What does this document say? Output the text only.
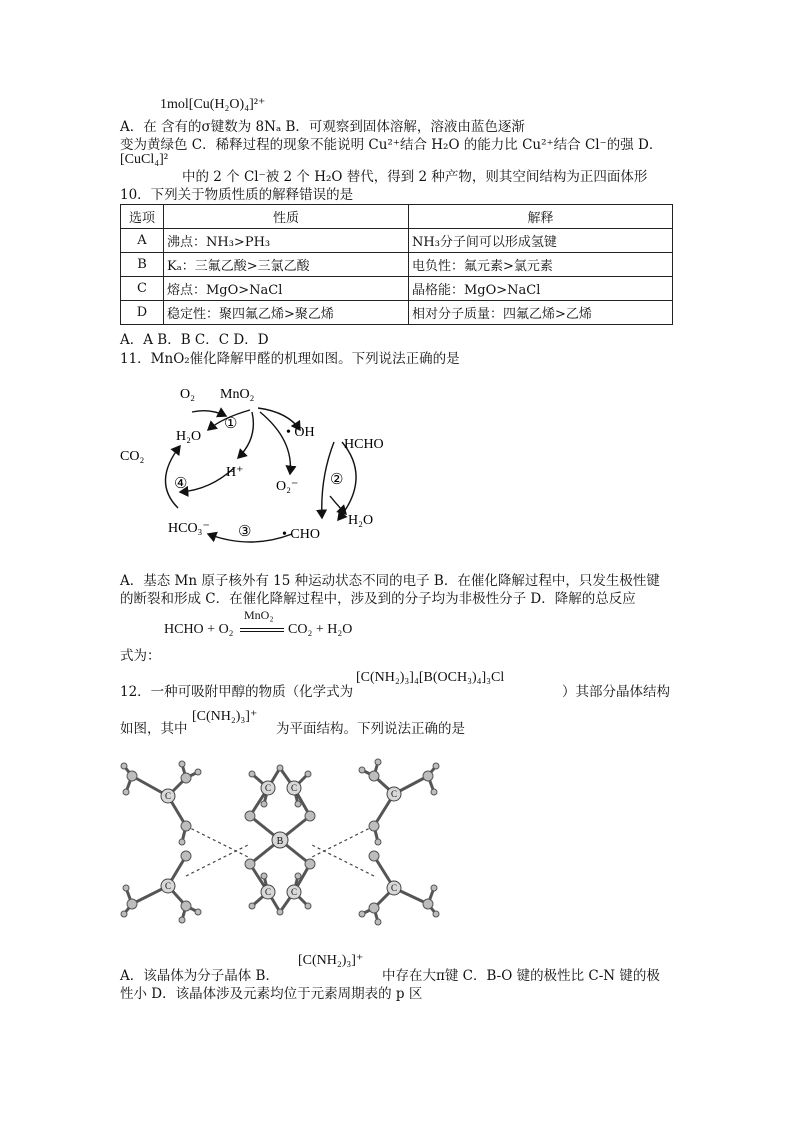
1mol[Cu(H₂O)₄]²⁺
A．在 含有的σ键数为 8Nₐ B．可观察到固体溶解，溶液由蓝色逐渐
变为黄绿色 C．稀释过程的现象不能说明 Cu²⁺结合 H₂O 的能力比 Cu²⁺结合 Cl⁻的强 D．
[CuCl₄]²
中的 2 个 Cl⁻被 2 个 H₂O 替代，得到 2 种产物，则其空间结构为正四面体形
10．下列关于物质性质的解释错误的是
选项	性质	解释
A	沸点：NH₃>PH₃	NH₃分子间可以形成氢键
B	Kₐ：三氟乙酸>三氯乙酸	电负性：氟元素>氯元素
C	熔点：MgO>NaCl	晶格能：MgO>NaCl
D	稳定性：聚四氟乙烯>聚乙烯	相对分子质量：四氟乙烯>乙烯
A．A B．B C．C D．D
11．MnO₂催化降解甲醛的机理如图。下列说法正确的是
O₂ MnO₂
H₂O
①
• OH
HCHO
CO₂
H⁺	②
④	O₂⁻
H₂O
HCO₃⁻ ③ • CHO
A．基态 Mn 原子核外有 15 种运动状态不同的电子 B．在催化降解过程中，只发生极性键
的断裂和形成 C．在催化降解过程中，涉及到的分子均为非极性分子 D．降解的总反应
HCHO + O₂
MnO₂
CO₂ + H₂O
式为：
12．一种可吸附甲醇的物质（化学式为
[C(NH₂)₃]₄[B(OCH₃)₄]₃Cl
）其部分晶体结构
如图，其中
[C(NH₂)₃]⁺
为平面结构。下列说法正确的是
C
C
C C
C C
C
C
B
A．该晶体为分子晶体 B．
[C(NH₂)₃]⁺
中存在大π键 C．B-O 键的极性比 C-N 键的极
性小 D．该晶体涉及元素均位于元素周期表的 p 区
